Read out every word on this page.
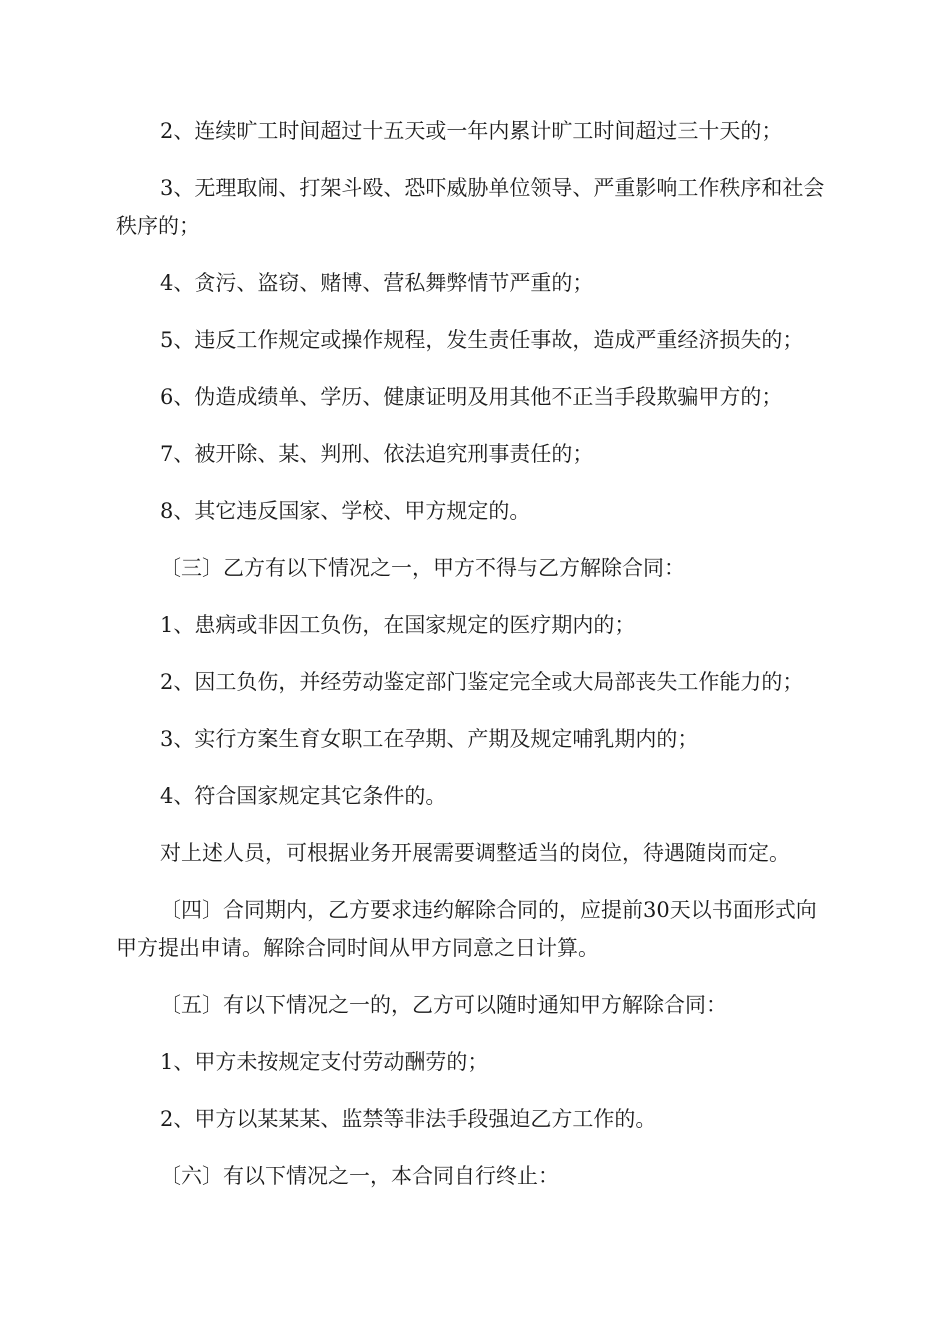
2、连续旷工时间超过十五天或一年内累计旷工时间超过三十天的；

3、无理取闹、打架斗殴、恐吓威胁单位领导、严重影响工作秩序和社会秩序的；

4、贪污、盗窃、赌博、营私舞弊情节严重的；

5、违反工作规定或操作规程，发生责任事故，造成严重经济损失的；

6、伪造成绩单、学历、健康证明及用其他不正当手段欺骗甲方的；

7、被开除、某、判刑、依法追究刑事责任的；

8、其它违反国家、学校、甲方规定的。

〔三〕乙方有以下情况之一，甲方不得与乙方解除合同：

1、患病或非因工负伤，在国家规定的医疗期内的；

2、因工负伤，并经劳动鉴定部门鉴定完全或大局部丧失工作能力的；

3、实行方案生育女职工在孕期、产期及规定哺乳期内的；

4、符合国家规定其它条件的。

对上述人员，可根据业务开展需要调整适当的岗位，待遇随岗而定。

〔四〕合同期内，乙方要求违约解除合同的，应提前30天以书面形式向甲方提出申请。解除合同时间从甲方同意之日计算。

〔五〕有以下情况之一的，乙方可以随时通知甲方解除合同：

1、甲方未按规定支付劳动酬劳的；

2、甲方以某某某、监禁等非法手段强迫乙方工作的。

〔六〕有以下情况之一，本合同自行终止：
